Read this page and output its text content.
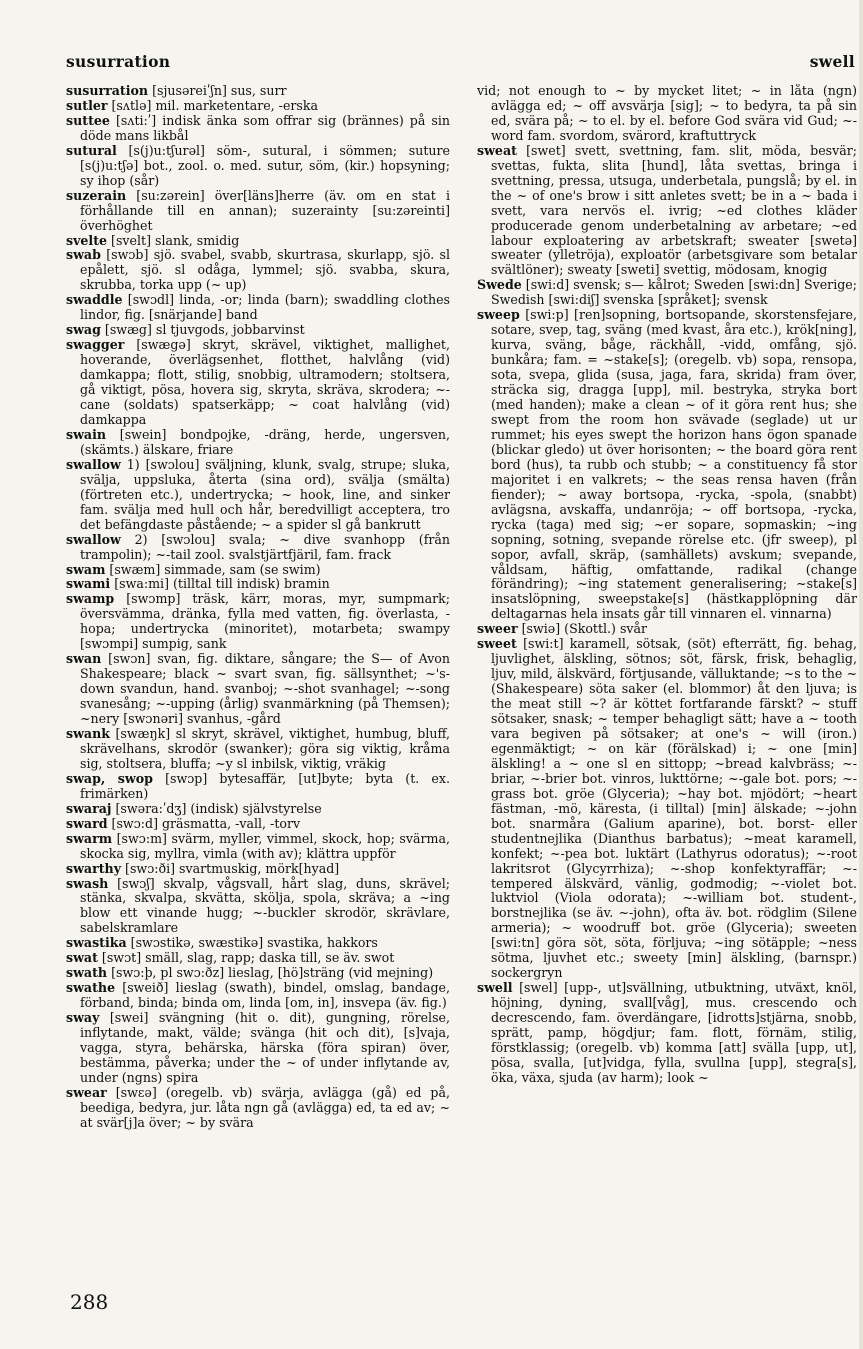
susurration	swell
susurration [sjusəreiʹʃn] sus, surr
sutler [sʌtlə] mil. marketentare, -erska
suttee [sʌti:ʹ] indisk änka som offrar sig (brännes) på sin döde mans likbål
sutural [s(j)u:tʃurəl] söm-, sutural, i sömmen; suture [s(j)u:tʃə] bot., zool. o. med. sutur, söm, (kir.) hopsyning; sy ihop (sår)
suzerain [su:zərein] över[läns]herre (äv. om en stat i förhållande till en annan); suzerainty [su:zəreinti] överhöghet
svelte [svelt] slank, smidig
swab [swɔb] sjö. svabel, svabb, skurtrasa, skurlapp, sjö. sl epålett, sjö. sl odåga, lymmel; sjö. svabba, skura, skrubba, torka upp (~ up)
swaddle [swɔdl] linda, -or; linda (barn); swaddling clothes lindor, fig. [snärjande] band
swag [swæg] sl tjuvgods, jobbarvinst
swagger [swægə] skryt, skrävel, viktighet, mallighet, hoverande, överlägsenhet, flotthet, halvlång (vid) damkappa; flott, stilig, snobbig, ultramodern; stoltsera, gå viktigt, pösa, hovera sig, skryta, skräva, skrodera; ~-cane (soldats) spatserkäpp; ~ coat halvlång (vid) damkappa
swain [swein] bondpojke, -dräng, herde, ungersven, (skämts.) älskare, friare
swallow 1) [swɔlou] sväljning, klunk, svalg, strupe; sluka, svälja, uppsluka, återta (sina ord), svälja (smälta) (förtreten etc.), undertrycka; ~ hook, line, and sinker fam. svälja med hull och hår, beredvilligt acceptera, tro det befängdaste påstående; ~ a spider sl gå bankrutt
swallow 2) [swɔlou] svala; ~ dive svanhopp (från trampolin); ~-tail zool. svalstjärtfjäril, fam. frack
swam [swæm] simmade, sam (se swim)
swami [swa:mi] (tilltal till indisk) bramin
swamp [swɔmp] träsk, kärr, moras, myr, sumpmark; översvämma, dränka, fylla med vatten, fig. överlasta, -hopa; undertrycka (minoritet), motarbeta; swampy [swɔmpi] sumpig, sank
swan [swɔn] svan, fig. diktare, sångare; the S— of Avon Shakespeare; black ~ svart svan, fig. sällsynthet; ~'s-down svandun, hand. svanboj; ~-shot svanhagel; ~-song svanesång; ~-upping (årlig) svanmärkning (på Themsen); ~nery [swɔnəri] svanhus, -gård
swank [swæŋk] sl skryt, skrävel, viktighet, humbug, bluff, skrävelhans, skrodör (swanker); göra sig viktig, kråma sig, stoltsera, bluffa; ~y sl inbilsk, viktig, vräkig
swap, swop [swɔp] bytesaffär, [ut]byte; byta (t. ex. frimärken)
swaraj [swəra:ʹdʒ] (indisk) självstyrelse
sward [swɔ:d] gräsmatta, -vall, -torv
swarm [swɔ:m] svärm, myller, vimmel, skock, hop; svärma, skocka sig, myllra, vimla (with av); klättra uppför
swarthy [swɔ:ði] svartmuskig, mörk[hyad]
swash [swɔʃ] skvalp, vågsvall, hårt slag, duns, skrävel; stänka, skvalpa, skvätta, skölja, spola, skräva; a ~ing blow ett vinande hugg; ~-buckler skrodör, skrävlare, sabelskramlare
swastika [swɔstikə, swæstikə] svastika, hakkors
swat [swɔt] smäll, slag, rapp; daska till, se äv. swot
swath [swɔ:þ, pl swɔ:ðz] lieslag, [hö]sträng (vid mejning)
swathe [sweið] lieslag (swath), bindel, omslag, bandage, förband, binda; binda om, linda [om, in], insvepa (äv. fig.)
sway [swei] svängning (hit o. dit), gungning, rörelse, inflytande, makt, välde; svänga (hit och dit), [s]vaja, vagga, styra, behärska, härska (föra spiran) över, bestämma, påverka; under the ~ of under inflytande av, under (ngns) spira
swear [swɛə] (oregelb. vb) svärja, avlägga (gå) ed på, beediga, bedyra, jur. låta ngn gå (avlägga) ed, ta ed av; ~ at svär[j]a över; ~ by svära
vid; not enough to ~ by mycket litet; ~ in låta (ngn) avlägga ed; ~ off avsvärja [sig]; ~ to bedyra, ta på sin ed, svära på; ~ to el. by el. before God svära vid Gud; ~-word fam. svordom, svärord, kraftuttryck
sweat [swet] svett, svettning, fam. slit, möda, besvär; svettas, fukta, slita [hund], låta svettas, bringa i svettning, pressa, utsuga, underbetala, pungslå; by el. in the ~ of one's brow i sitt anletes svett; be in a ~ bada i svett, vara nervös el. ivrig; ~ed clothes kläder producerade genom underbetalning av arbetare; ~ed labour exploatering av arbetskraft; sweater [swetə] sweater (ylletröja), exploatör (arbetsgivare som betalar svältlöner); sweaty [sweti] svettig, mödosam, knogig
Swede [swi:d] svensk; s— kålrot; Sweden [swi:dn] Sverige; Swedish [swi:diʃ] svenska [språket]; svensk
sweep [swi:p] [ren]sopning, bortsopande, skorstensfejare, sotare, svep, tag, sväng (med kvast, åra etc.), krök[ning], kurva, sväng, båge, räckhåll, -vidd, omfång, sjö. bunkåra; fam. = ~stake[s]; (oregelb. vb) sopa, rensopa, sota, svepa, glida (susa, jaga, fara, skrida) fram över, sträcka sig, dragga [upp], mil. bestryka, stryka bort (med handen); make a clean ~ of it göra rent hus; she swept from the room hon svävade (seglade) ut ur rummet; his eyes swept the horizon hans ögon spanade (blickar gledo) ut över horisonten; ~ the board göra rent bord (hus), ta rubb och stubb; ~ a constituency få stor majoritet i en valkrets; ~ the seas rensa haven (från fiender); ~ away bortsopa, -rycka, -spola, (snabbt) avlägsna, avskaffa, undanröja; ~ off bortsopa, -rycka, rycka (taga) med sig; ~er sopare, sopmaskin; ~ing sopning, sotning, svepande rörelse etc. (jfr sweep), pl sopor, avfall, skräp, (samhällets) avskum; svepande, våldsam, häftig, omfattande, radikal (change förändring); ~ing statement generalisering; ~stake[s] insatslöpning, sweepstake[s] (hästkapplöpning där deltagarnas hela insats går till vinnaren el. vinnarna)
sweer [swiə] (Skottl.) svår
sweet [swi:t] karamell, sötsak, (söt) efterrätt, fig. behag, ljuvlighet, älskling, sötnos; söt, färsk, frisk, behaglig, ljuv, mild, älskvärd, förtjusande, välluktande; ~s to the ~ (Shakespeare) söta saker (el. blommor) åt den ljuva; is the meat still ~? är köttet fortfarande färskt? ~ stuff sötsaker, snask; ~ temper behagligt sätt; have a ~ tooth vara begiven på sötsaker; at one's ~ will (iron.) egenmäktigt; ~ on kär (förälskad) i; ~ one [min] älskling! a ~ one sl en sittopp; ~bread kalvbräss; ~-briar, ~-brier bot. vinros, lukttörne; ~-gale bot. pors; ~-grass bot. gröe (Glyceria); ~hay bot. mjödört; ~heart fästman, -mö, käresta, (i tilltal) [min] älskade; ~-john bot. snarmåra (Galium aparine), bot. borst- eller studentnejlika (Dianthus barbatus); ~meat karamell, konfekt; ~-pea bot. luktärt (Lathyrus odoratus); ~-root lakritsrot (Glycyrrhiza); ~-shop konfektyraffär; ~-tempered älskvärd, vänlig, godmodig; ~-violet bot. luktviol (Viola odorata); ~-william bot. student-, borstnejlika (se äv. ~-john), ofta äv. bot. rödglim (Silene armeria); ~ woodruff bot. gröe (Glyceria); sweeten [swi:tn] göra söt, söta, förljuva; ~ing sötäpple; ~ness sötma, ljuvhet etc.; sweety [min] älskling, (barnspr.) sockergryn
swell [swel] [upp-, ut]svällning, utbuktning, utväxt, knöl, höjning, dyning, svall[våg], mus. crescendo och decrescendo, fam. överdängare, [idrotts]stjärna, snobb, sprätt, pamp, högdjur; fam. flott, förnäm, stilig, förstklassig; (oregelb. vb) komma [att] svälla [upp, ut], pösa, svalla, [ut]vidga, fylla, svullna [upp], stegra[s], öka, växa, sjuda (av harm); look ~
288
